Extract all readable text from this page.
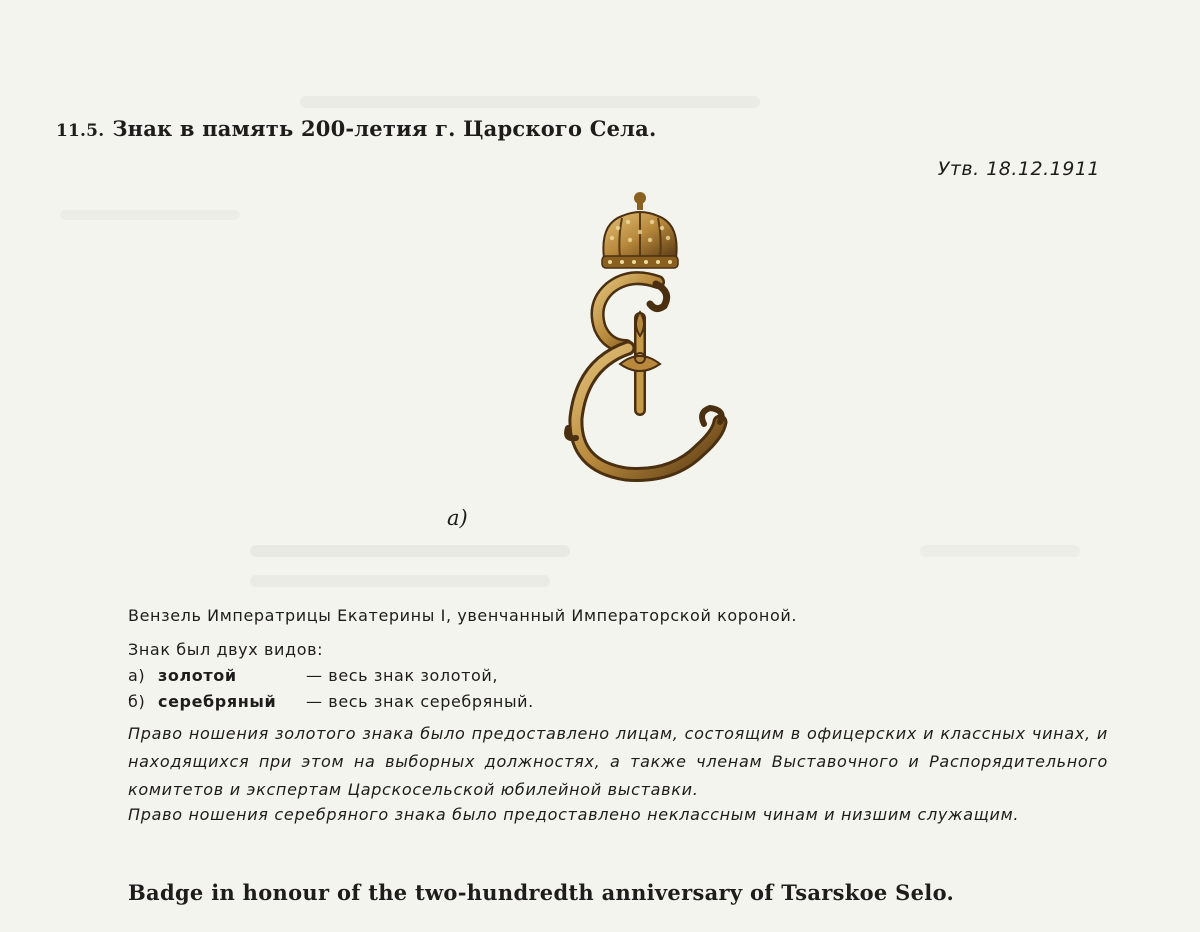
11.5. Знак в память 200-летия г. Царского Села.
Утв. 18.12.1911
а)
Вензель Императрицы Екатерины I, увенчанный Императорской короной.
Знак был двух видов:
а) золотой	— весь знак золотой,
б) серебряный — весь знак серебряный.
Право ношения золотого знака было предоставлено лицам, состоящим в офицерских и классных чинах, и находящихся при этом на выборных должностях, а также членам Выставочного и Распорядительного комитетов и экспертам Царскосельской юбилейной выставки.
Право ношения серебряного знака было предоставлено неклассным чинам и низшим служащим.
Badge in honour of the two-hundredth anniversary of Tsarskoe Selo.
